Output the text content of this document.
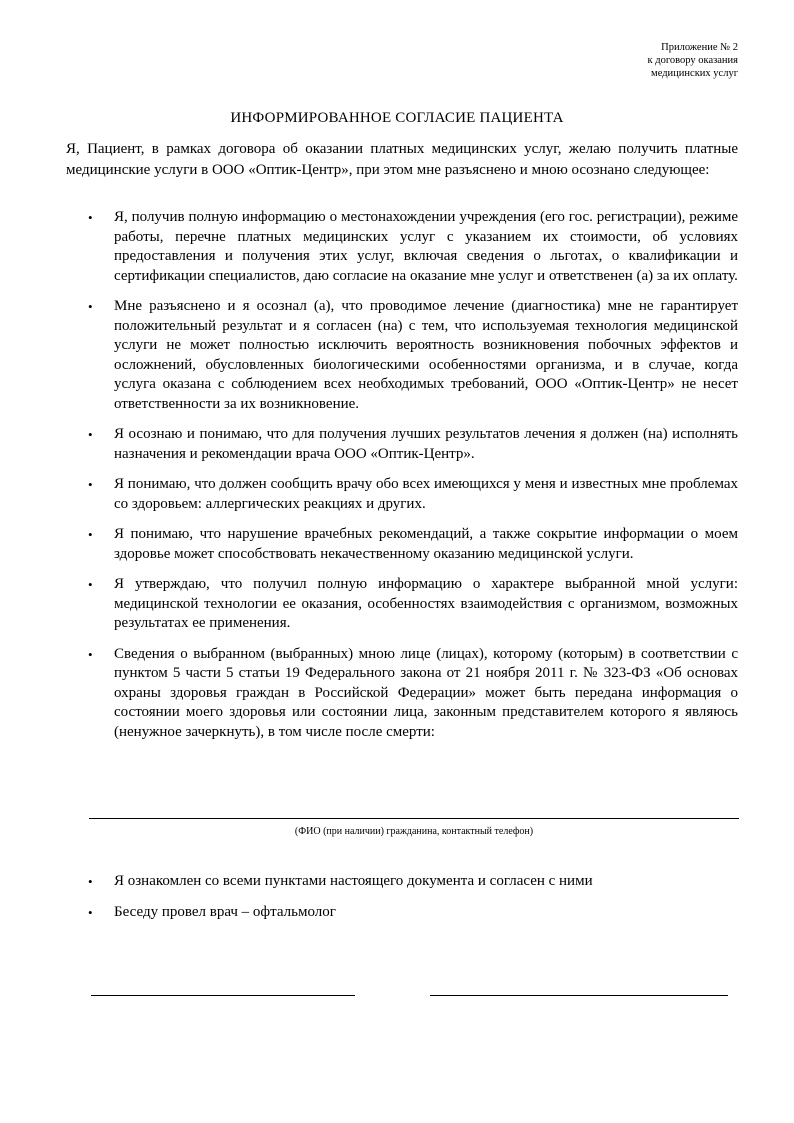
Приложение № 2
к договору оказания
медицинских услуг
ИНФОРМИРОВАННОЕ СОГЛАСИЕ ПАЦИЕНТА
Я, Пациент, в рамках договора об оказании платных медицинских услуг, желаю получить платные медицинские услуги в ООО «Оптик-Центр», при этом мне разъяснено и мною осознано следующее:
• Я, получив полную информацию о местонахождении учреждения (его гос. регистрации), режиме работы, перечне платных медицинских услуг с указанием их стоимости, об условиях предоставления и получения этих услуг, включая сведения о льготах, о квалификации и сертификации специалистов, даю согласие на оказание мне услуг и ответственен (а) за их оплату.
• Мне разъяснено и я осознал (а), что проводимое лечение (диагностика) мне не гарантирует положительный результат и я согласен (на) с тем, что используемая технология медицинской услуги не может полностью исключить вероятность возникновения побочных эффектов и осложнений, обусловленных биологическими особенностями организма, и в случае, когда услуга оказана с соблюдением всех необходимых требований, ООО «Оптик-Центр» не несет ответственности за их возникновение.
• Я осознаю и понимаю, что для получения лучших результатов лечения я должен (на) исполнять назначения и рекомендации врача ООО «Оптик-Центр».
• Я понимаю, что должен сообщить врачу обо всех имеющихся у меня и известных мне проблемах со здоровьем: аллергических реакциях и других.
• Я понимаю, что нарушение врачебных рекомендаций, а также сокрытие информации о моем здоровье может способствовать некачественному оказанию медицинской услуги.
• Я утверждаю, что получил полную информацию о характере выбранной мной услуги: медицинской технологии ее оказания, особенностях взаимодействия с организмом, возможных результатах ее применения.
• Сведения о выбранном (выбранных) мною лице (лицах), которому (которым) в соответствии с пунктом 5 части 5 статьи 19 Федерального закона от 21 ноября 2011 г. № 323-ФЗ «Об основах охраны здоровья граждан в Российской Федерации» может быть передана информация о состоянии моего здоровья или состоянии лица, законным представителем которого я являюсь (ненужное зачеркнуть), в том числе после смерти:
(ФИО (при наличии) гражданина, контактный телефон)
• Я ознакомлен со всеми пунктами настоящего документа и согласен с ними
• Беседу провел врач – офтальмолог
